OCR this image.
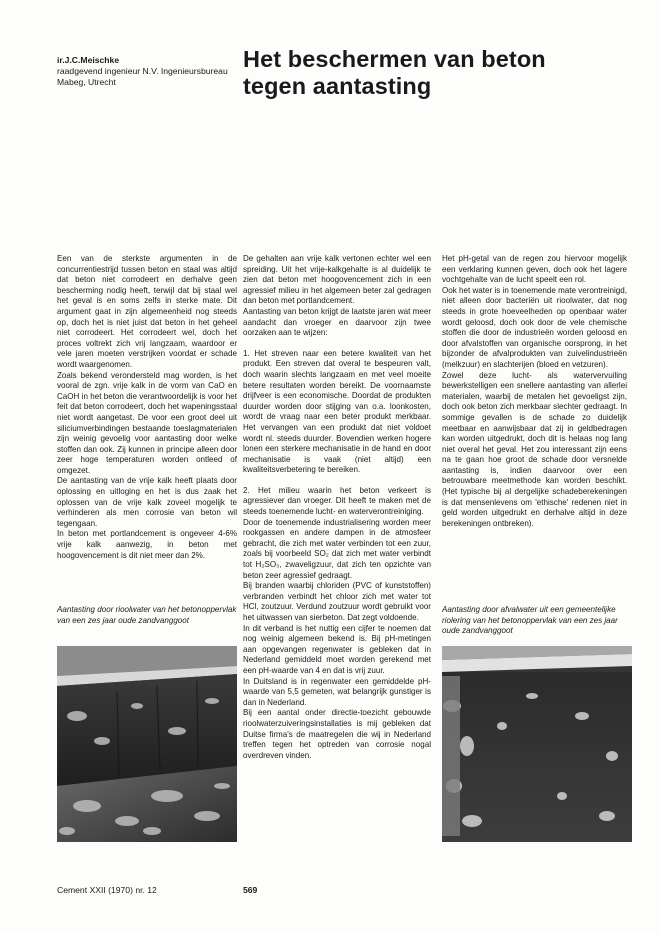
ir.J.C.Meischke
raadgevend ingenieur N.V. Ingenieursbureau
Mabeg, Utrecht
Het beschermen van beton
tegen aantasting

Een van de sterkste argumenten in de concurrentiestrijd tussen beton en staal was altijd dat beton niet corrodeert en derhalve geen bescherming nodig heeft, terwijl dat bij staal wel het geval is en soms zelfs in sterke mate. Dit argument gaat in zijn algemeenheid nog steeds op, doch het is niet juist dat beton in het geheel niet corrodeert. Het corrodeert wel, doch het proces voltrekt zich vrij langzaam, waardoor er vele jaren moeten verstrijken voordat er schade wordt waargenomen.

Zoals bekend verondersteld mag worden, is het vooral de zgn. vrije kalk in de vorm van CaO en CaOH in het beton die verantwoordelijk is voor het feit dat beton corrodeert, doch het wapeningsstaal niet wordt aangetast. De voor een groot deel uit siliciumverbindingen bestaande toeslagmaterialen zijn weinig gevoelig voor aantasting door welke stoffen dan ook. Zij kunnen in principe alleen door zeer hoge temperaturen worden ontleed of omgezet.

De aantasting van de vrije kalk heeft plaats door oplossing en uitloging en het is dus zaak het oplossen van de vrije kalk zoveel mogelijk te verhinderen als men corrosie van beton wil tegengaan.

In beton met portlandcement is ongeveer 4-6% vrije kalk aanwezig, in beton met hoogovencement is dit niet meer dan 2%.

De gehalten aan vrije kalk vertonen echter wel een spreiding. Uit het vrije-kalkgehalte is al duidelijk te zien dat beton met hoogovencement zich in een agressief milieu in het algemeen beter zal gedragen dan beton met portlandcement.

Aantasting van beton krijgt de laatste jaren wat meer aandacht dan vroeger en daarvoor zijn twee oorzaken aan te wijzen:

1. Het streven naar een betere kwaliteit van het produkt. Een streven dat overal te bespeuren valt, doch waarin slechts langzaam en met veel moeite betere resultaten worden bereikt. De voornaamste drijfveer is een economische. Doordat de produkten duurder worden door stijging van o.a. loonkosten, wordt de vraag naar een beter produkt merkbaar. Het vervangen van een produkt dat niet voldoet wordt nl. steeds duurder. Bovendien werken hogere lonen een sterkere mechanisatie in de hand en door mechanisatie is vaak (niet altijd) een kwaliteitsverbetering te bereiken.

2. Het milieu waarin het beton verkeert is agressiever dan vroeger. Dit heeft te maken met de steeds toenemende lucht- en waterverontreiniging.

Door de toenemende industrialisering worden meer rookgassen en andere dampen in de atmosfeer gebracht, die zich met water verbinden tot een zuur, zoals bij voorbeeld SO₂ dat zich met water verbindt tot H₂SO₃, zwaveligzuur, dat zich ten opzichte van beton zeer agressief gedraagt.

Bij branden waarbij chloriden (PVC of kunststoffen) verbranden verbindt het chloor zich met water tot HCl, zoutzuur. Verdund zoutzuur wordt gebruikt voor het uitwassen van sierbeton. Dat zegt voldoende.

In dit verband is het nuttig een cijfer te noemen dat nog weinig algemeen bekend is. Bij pH-metingen aan opgevangen regenwater is gebleken dat in Nederland gemiddeld moet worden gerekend met een pH-waarde van 4 en dat is vrij zuur.

In Duitsland is in regenwater een gemiddelde pH-waarde van 5,5 gemeten, wat belangrijk gunstiger is dan in Nederland.

Bij een aantal onder directie-toezicht gebouwde rioolwaterzuiveringsinstallaties is mij gebleken dat Duitse firma's de maatregelen die wij in Nederland treffen tegen het optreden van corrosie nogal overdreven vinden.

Het pH-getal van de regen zou hiervoor mogelijk een verklaring kunnen geven, doch ook het lagere vochtgehalte van de lucht speelt een rol.

Ook het water is in toenemende mate verontreinigd, niet alleen door bacteriën uit rioolwater, dat nog steeds in grote hoeveelheden op openbaar water wordt geloosd, doch ook door de vele chemische stoffen die door de industrieën worden geloosd en door afvalstoffen van organische oorsprong, in het bijzonder de afvalprodukten van zuivelindustrieën (melkzuur) en slachterijen (bloed en vetzuren).

Zowel deze lucht- als watervervuiling bewerkstelligen een snellere aantasting van allerlei materialen, waarbij de metalen het gevoeligst zijn, doch ook beton zich merkbaar slechter gedraagt. In sommige gevallen is de schade zo duidelijk meetbaar en aanwijsbaar dat zij in geldbedragen kan worden uitgedrukt, doch dit is helaas nog lang niet overal het geval. Het zou interessant zijn eens na te gaan hoe groot de schade door versnelde aantasting is, indien daarvoor over een betrouwbare meetmethode kan worden beschikt. (Het typische bij al dergelijke schadeberekeningen is dat mensenlevens om 'ethische' redenen niet in geld worden uitgedrukt en derhalve altijd in deze berekeningen ontbreken).

Aantasting door rioolwater van het betonoppervlak van een zes jaar oude zandvanggoot
Aantasting door afvalwater uit een gemeentelijke riolering van het betonoppervlak van een zes jaar oude zandvanggoot
Cement XXII (1970) nr. 12	569
